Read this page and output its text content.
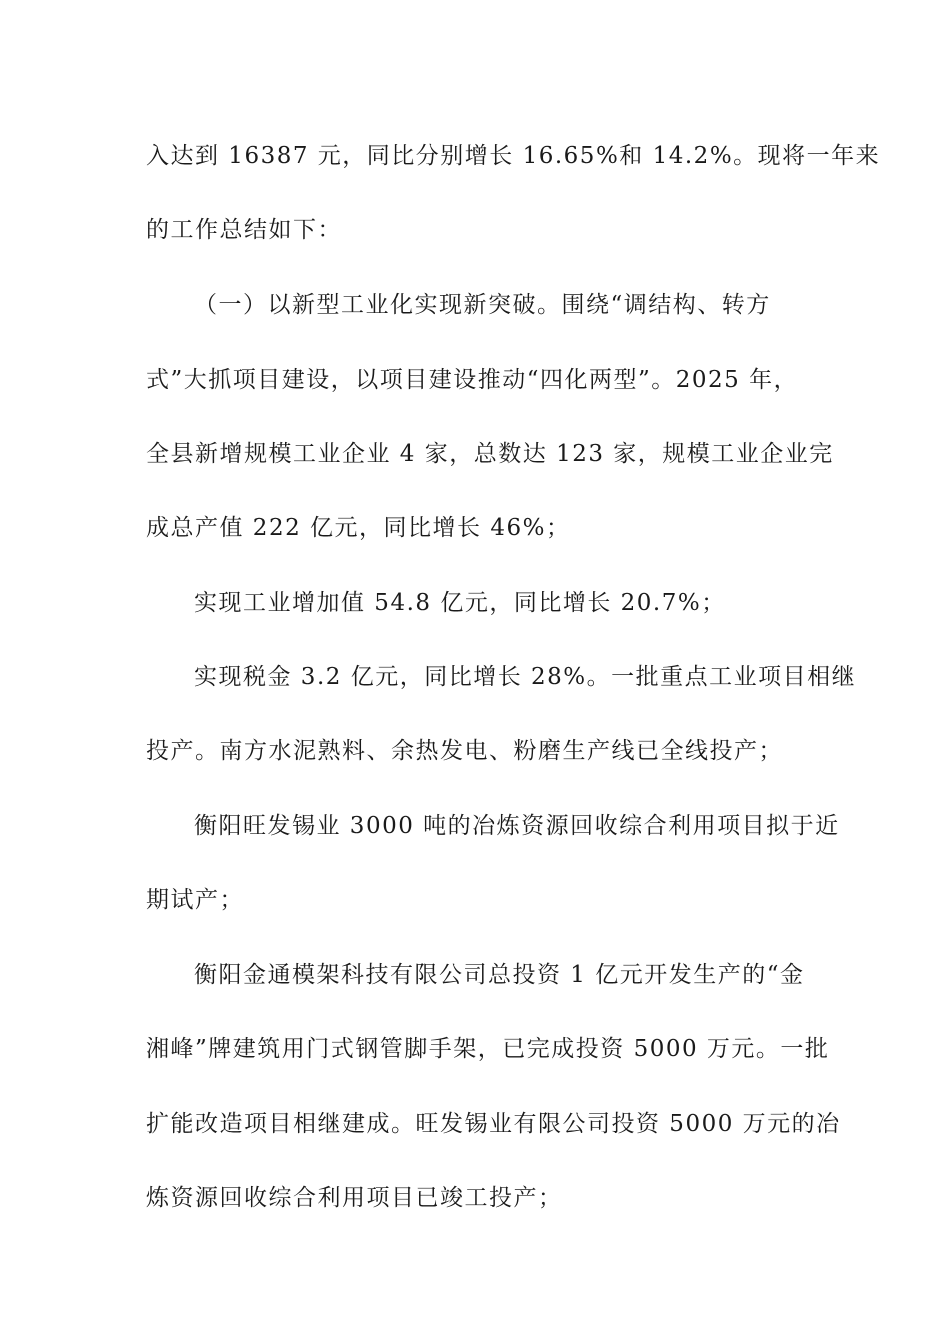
入达到 16387 元，同比分别增长 16.65%和 14.2%。现将一年来
的工作总结如下：
（一）以新型工业化实现新突破。围绕“调结构、转方
式”大抓项目建设，以项目建设推动“四化两型”。2025 年，
全县新增规模工业企业 4 家，总数达 123 家，规模工业企业完
成总产值 222 亿元，同比增长 46%；
实现工业增加值 54.8 亿元，同比增长 20.7%；
实现税金 3.2 亿元，同比增长 28%。一批重点工业项目相继
投产。南方水泥熟料、余热发电、粉磨生产线已全线投产；
衡阳旺发锡业 3000 吨的冶炼资源回收综合利用项目拟于近
期试产；
衡阳金通模架科技有限公司总投资 1 亿元开发生产的“金
湘峰”牌建筑用门式钢管脚手架，已完成投资 5000 万元。一批
扩能改造项目相继建成。旺发锡业有限公司投资 5000 万元的冶
炼资源回收综合利用项目已竣工投产；
